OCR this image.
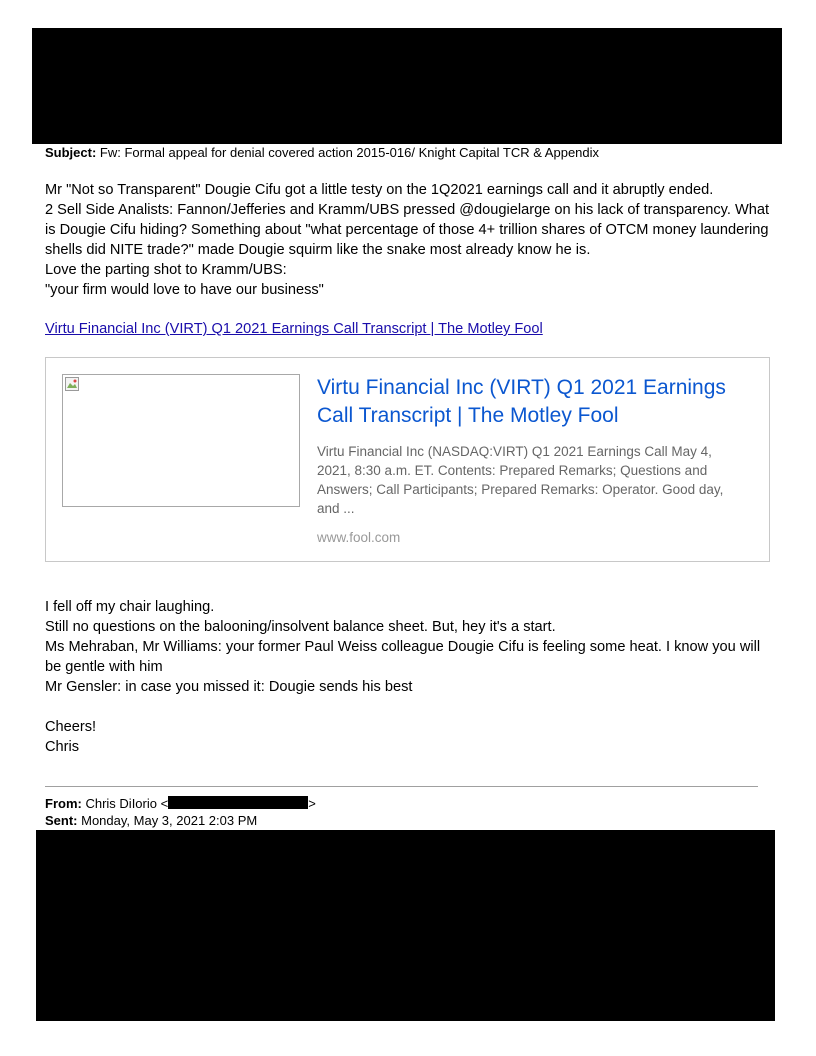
Subject: Fw: Formal appeal for denial covered action 2015-016/ Knight Capital TCR & Appendix

Mr "Not so Transparent" Dougie Cifu got a little testy on the 1Q2021 earnings call and it abruptly ended.

2 Sell Side Analists: Fannon/Jefferies and Kramm/UBS pressed @dougielarge on his lack of transparency. What is Dougie Cifu hiding? Something about "what percentage of those 4+ trillion shares of OTCM money laundering shells did NITE trade?" made Dougie squirm like the snake most already know he is.

Love the parting shot to Kramm/UBS:

"your firm would love to have our business"

Virtu Financial Inc (VIRT) Q1 2021 Earnings Call Transcript | The Motley Fool
Virtu Financial Inc (VIRT) Q1 2021 Earnings Call Transcript | The Motley Fool
Virtu Financial Inc (NASDAQ:VIRT) Q1 2021 Earnings Call May 4, 2021, 8:30 a.m. ET. Contents: Prepared Remarks; Questions and Answers; Call Participants; Prepared Remarks: Operator. Good day, and ...
www.fool.com

I fell off my chair laughing.

Still no questions on the balooning/insolvent balance sheet. But, hey it's a start.

Ms Mehraban, Mr Williams: your former Paul Weiss colleague Dougie Cifu is feeling some heat. I know you will be gentle with him

Mr Gensler: in case you missed it: Dougie sends his best

Cheers!

Chris

From: Chris DiIorio <	>
Sent: Monday, May 3, 2021 2:03 PM
